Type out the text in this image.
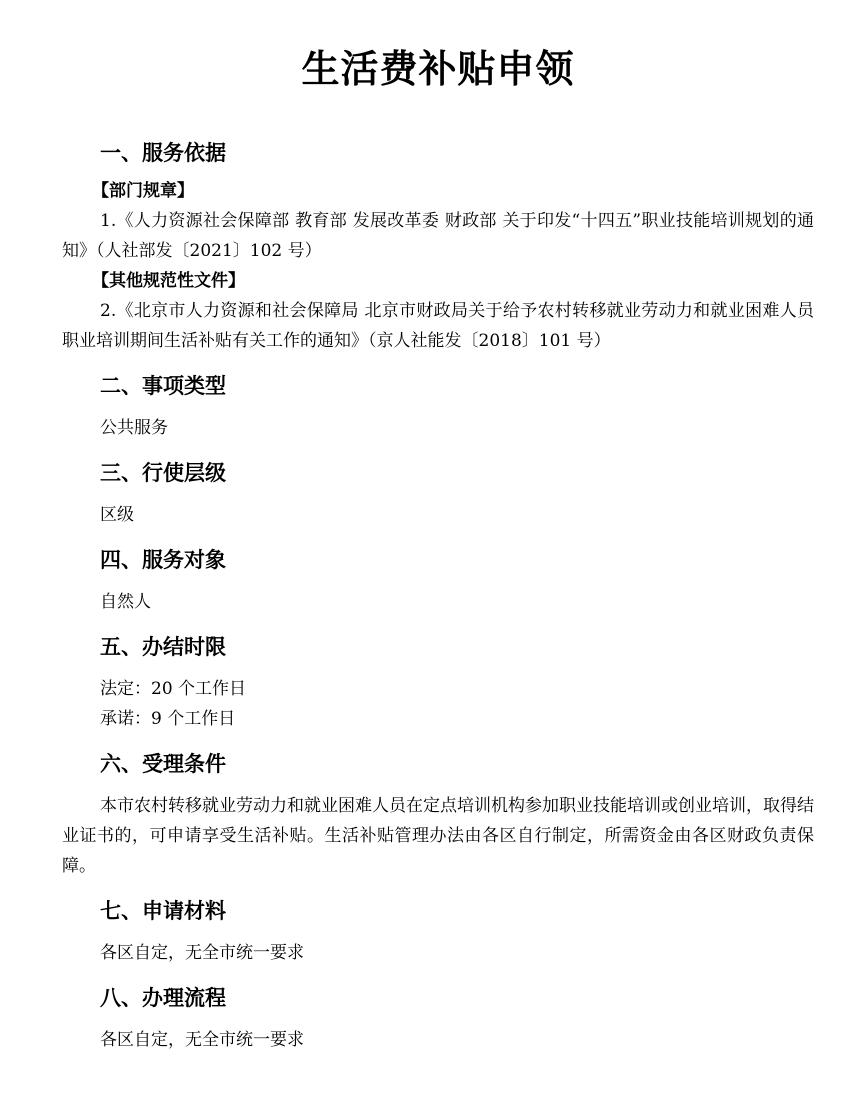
生活费补贴申领
一、服务依据
【部门规章】

1.《人力资源社会保障部 教育部 发展改革委 财政部 关于印发“十四五”职业技能培训规划的通知》（人社部发〔2021〕102 号）

【其他规范性文件】

2.《北京市人力资源和社会保障局 北京市财政局关于给予农村转移就业劳动力和就业困难人员职业培训期间生活补贴有关工作的通知》（京人社能发〔2018〕101 号）

二、事项类型

公共服务

三、行使层级

区级

四、服务对象

自然人

五、办结时限

法定：20 个工作日

承诺：9 个工作日

六、受理条件

本市农村转移就业劳动力和就业困难人员在定点培训机构参加职业技能培训或创业培训，取得结业证书的，可申请享受生活补贴。生活补贴管理办法由各区自行制定，所需资金由各区财政负责保障。

七、申请材料

各区自定，无全市统一要求

八、办理流程

各区自定，无全市统一要求
